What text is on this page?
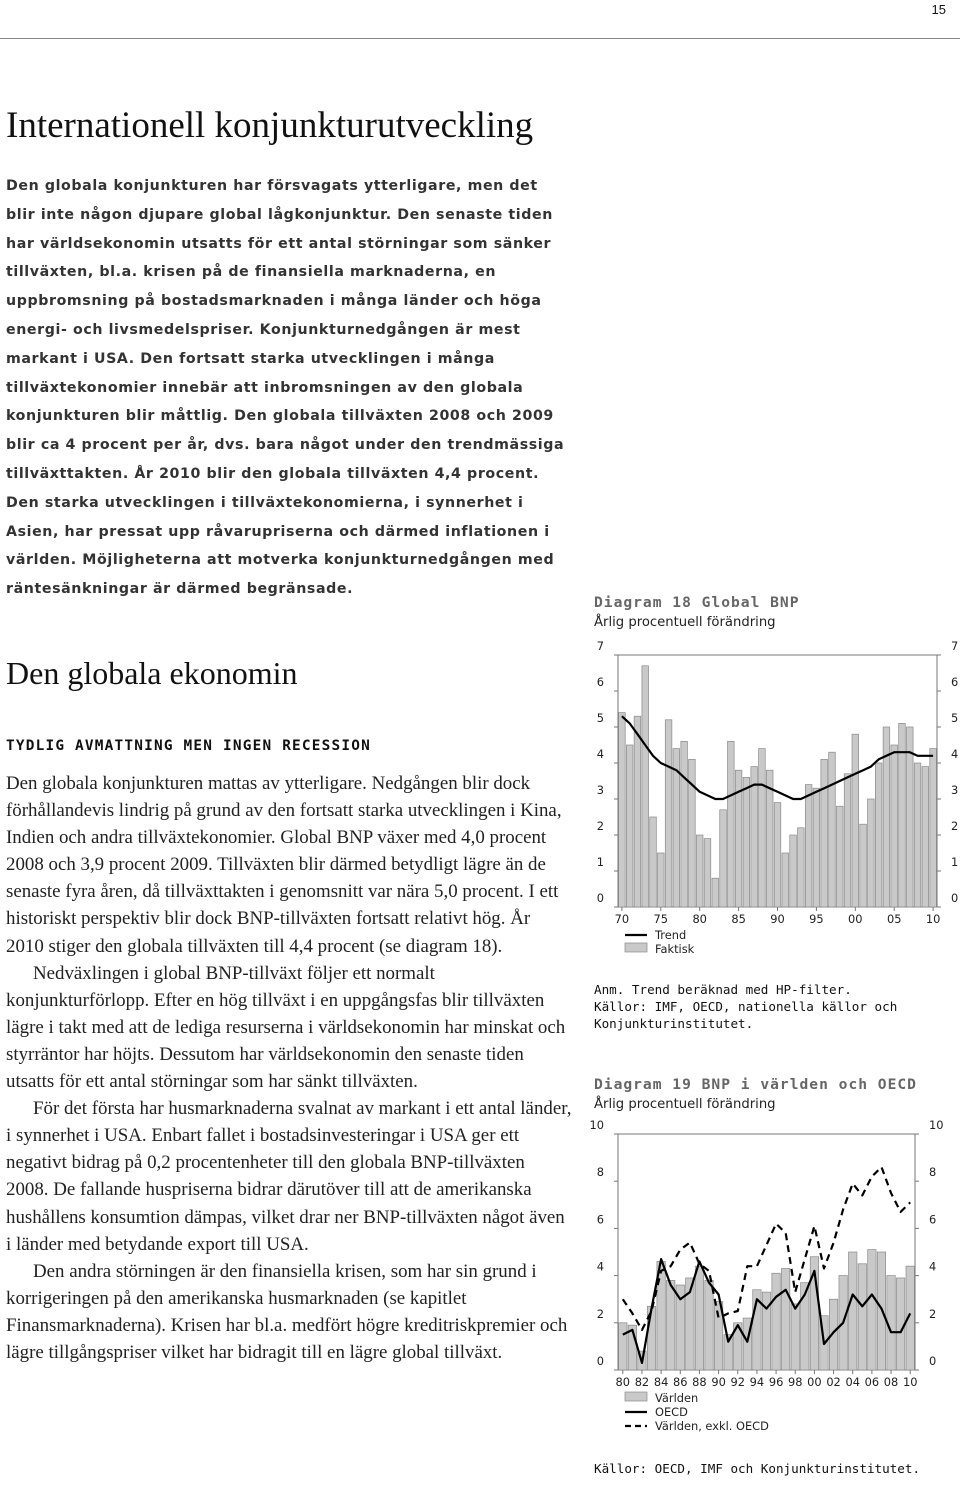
15
Internationell konjunkturutveckling

Den globala konjunkturen har försvagats ytterligare, men det blir inte någon djupare global lågkonjunktur. Den senaste tiden har världsekonomin utsatts för ett antal störningar som sänker tillväxten, bl.a. krisen på de finansiella marknaderna, en uppbromsning på bostadsmarknaden i många länder och höga energi- och livsmedelspriser. Konjunkturnedgången är mest markant i USA. Den fortsatt starka utvecklingen i många tillväxtekonomier innebär att inbromsningen av den globala konjunkturen blir måttlig. Den globala tillväxten 2008 och 2009 blir ca 4 procent per år, dvs. bara något under den trendmässiga tillväxttakten. År 2010 blir den globala tillväxten 4,4 procent. Den starka utvecklingen i tillväxtekonomierna, i synnerhet i Asien, har pressat upp råvarupriserna och därmed inflationen i världen. Möjligheterna att motverka konjunkturnedgången med räntesänkningar är därmed begränsade.

Den globala ekonomin
TYDLIG AVMATTNING MEN INGEN RECESSION

Den globala konjunkturen mattas av ytterligare. Nedgången blir dock förhållandevis lindrig på grund av den fortsatt starka utvecklingen i Kina, Indien och andra tillväxtekonomier. Global BNP växer med 4,0 procent 2008 och 3,9 procent 2009. Tillväxten blir därmed betydligt lägre än de senaste fyra åren, då tillväxttakten i genomsnitt var nära 5,0 procent. I ett historiskt perspektiv blir dock BNP-tillväxten fortsatt relativt hög. År 2010 stiger den globala tillväxten till 4,4 procent (se diagram 18).

Nedväxlingen i global BNP-tillväxt följer ett normalt konjunkturförlopp. Efter en hög tillväxt i en uppgångsfas blir tillväxten lägre i takt med att de lediga resurserna i världsekonomin har minskat och styrräntor har höjts. Dessutom har världsekonomin den senaste tiden utsatts för ett antal störningar som har sänkt tillväxten.

För det första har husmarknaderna svalnat av markant i ett antal länder, i synnerhet i USA. Enbart fallet i bostadsinvesteringar i USA ger ett negativt bidrag på 0,2 procentenheter till den globala BNP-tillväxten 2008. De fallande huspriserna bidrar därutöver till att de amerikanska hushållens konsumtion dämpas, vilket drar ner BNP-tillväxten något även i länder med betydande export till USA.

Den andra störningen är den finansiella krisen, som har sin grund i korrigeringen på den amerikanska husmarknaden (se kapitlet Finansmarknaderna). Krisen har bl.a. medfört högre kreditriskpremier och lägre tillgångspriser vilket har bidragit till en lägre global tillväxt.

Diagram 18 Global BNP
Årlig procentuell förändring
0	0
1	1
2	2
3	3
4	4
5	5
6	6
7	7
70 75 80 85 90 95 00 05 10
Trend
Faktisk

Anm. Trend beräknad med HP-filter.

Källor: IMF, OECD, nationella källor och Konjunkturinstitutet.

Diagram 19 BNP i världen och OECD
Årlig procentuell förändring
0	0
2	2
4	4
6	6
8	8
10	10
80 82 84 86 88 90 92 94 96 98 00 02 04 06 08 10
Världen
OECD
Världen, exkl. OECD

Källor: OECD, IMF och Konjunkturinstitutet.
